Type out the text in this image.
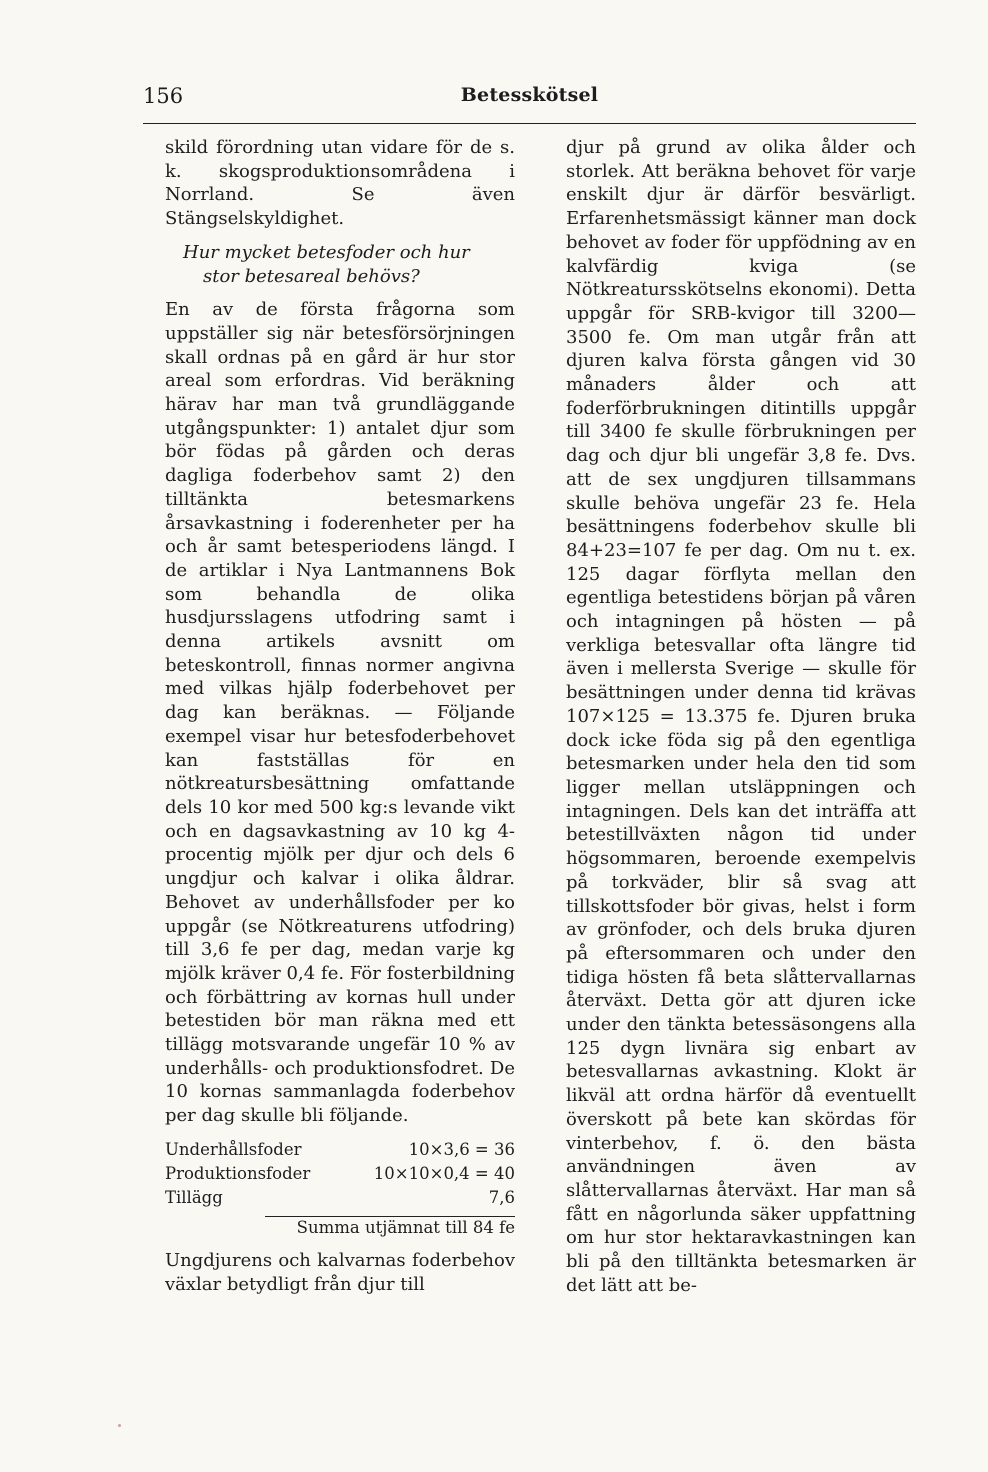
156	Betesskötsel

skild förordning utan vidare för de s. k. skogsproduktionsområdena i Norrland. Se även Stängselskyldighet.

Hur mycket betesfoder och hur
stor betesareal behövs?

En av de första frågorna som uppställer sig när betesförsörjningen skall ordnas på en gård är hur stor areal som erfordras. Vid beräkning härav har man två grundläggande utgångspunkter: 1) antalet djur som bör födas på gården och deras dagliga foderbehov samt 2) den tilltänkta betesmarkens årsavkastning i foderenheter per ha och år samt betesperiodens längd. I de artiklar i Nya Lantmannens Bok som behandla de olika husdjursslagens utfodring samt i denna artikels avsnitt om beteskontroll, finnas normer angivna med vilkas hjälp foderbehovet per dag kan beräknas. — Följande exempel visar hur betesfoderbehovet kan fastställas för en nötkreatursbesättning omfattande dels 10 kor med 500 kg:s levande vikt och en dagsavkastning av 10 kg 4-procentig mjölk per djur och dels 6 ungdjur och kalvar i olika åldrar. Behovet av underhållsfoder per ko uppgår (se Nötkreaturens utfodring) till 3,6 fe per dag, medan varje kg mjölk kräver 0,4 fe. För fosterbildning och förbättring av kornas hull under betestiden bör man räkna med ett tillägg motsvarande ungefär 10 % av underhålls- och produktionsfodret. De 10 kornas sammanlagda foderbehov per dag skulle bli följande.

Underhållsfoder	10×3,6 = 36
Produktionsfoder	10×10×0,4 = 40
Tillägg	7,6
Summa utjämnat till 84 fe

Ungdjurens och kalvarnas foderbehov växlar betydligt från djur till

djur på grund av olika ålder och storlek. Att beräkna behovet för varje enskilt djur är därför besvärligt. Erfarenhetsmässigt känner man dock behovet av foder för uppfödning av en kalvfärdig kviga (se Nötkreatursskötselns ekonomi). Detta uppgår för SRB-kvigor till 3200—3500 fe. Om man utgår från att djuren kalva första gången vid 30 månaders ålder och att foderförbrukningen ditintills uppgår till 3400 fe skulle förbrukningen per dag och djur bli ungefär 3,8 fe. Dvs. att de sex ungdjuren tillsammans skulle behöva ungefär 23 fe. Hela besättningens foderbehov skulle bli 84+23=107 fe per dag. Om nu t. ex. 125 dagar förflyta mellan den egentliga betestidens början på våren och intagningen på hösten — på verkliga betesvallar ofta längre tid även i mellersta Sverige — skulle för besättningen under denna tid krävas 107×125 = 13.375 fe. Djuren bruka dock icke föda sig på den egentliga betesmarken under hela den tid som ligger mellan utsläppningen och intagningen. Dels kan det inträffa att betestillväxten någon tid under högsommaren, beroende exempelvis på torkväder, blir så svag att tillskottsfoder bör givas, helst i form av grönfoder, och dels bruka djuren på eftersommaren och under den tidiga hösten få beta slåttervallarnas återväxt. Detta gör att djuren icke under den tänkta betessäsongens alla 125 dygn livnära sig enbart av betesvallarnas avkastning. Klokt är likväl att ordna härför då eventuellt överskott på bete kan skördas för vinterbehov, f. ö. den bästa användningen även av slåttervallarnas återväxt. Har man så fått en någorlunda säker uppfattning om hur stor hektaravkastningen kan bli på den tilltänkta betesmarken är det lätt att be-
